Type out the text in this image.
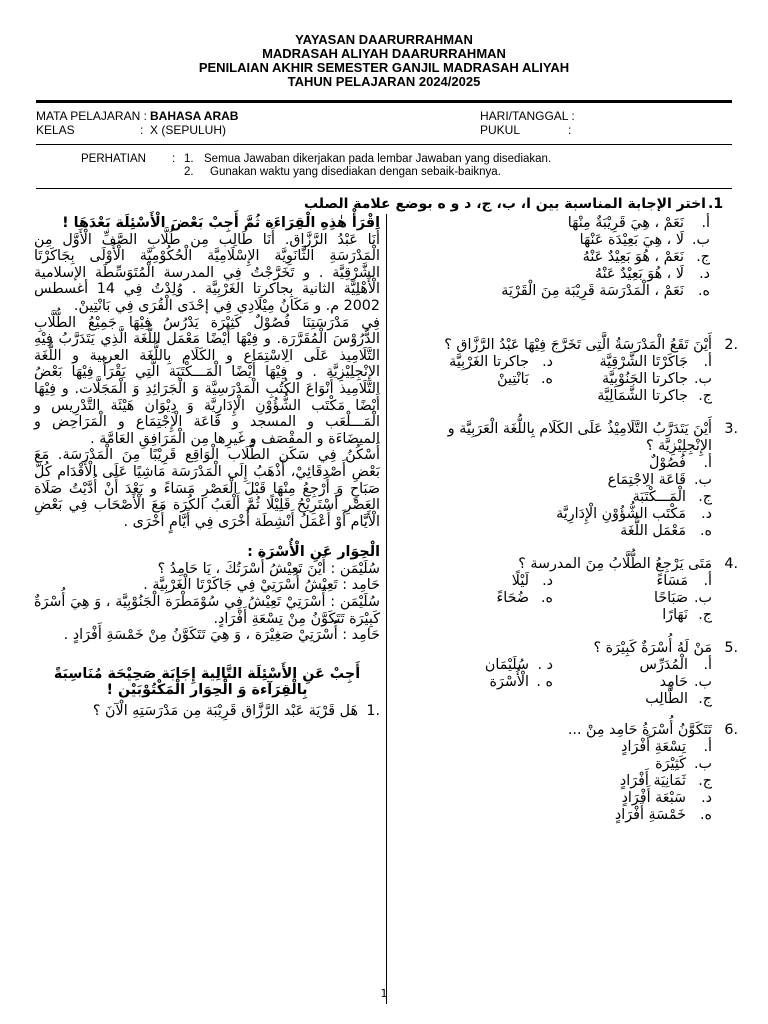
YAYASAN DAARURRAHMAN
MADRASAH ALIYAH DAARURRAHMAN
PENILAIAN AKHIR SEMESTER GANJIL MADRASAH ALIYAH
TAHUN PELAJARAN 2024/2025
MATA PELAJARAN : BAHASA ARAB
KELAS	: X (SEPULUH)
HARI/TANGGAL :
PUKUL	:
PERHATIAN : 1. Semua Jawaban dikerjakan pada lembar Jawaban yang disediakan.
2. Gunakan waktu yang disediakan dengan sebaik-baiknya.
.1
اختر الإجابة المناسبة بين ا، ب، ج، د و ه بوضع علامة الصلب

اِقْرَأْ هٰذِهِ الْقِرَاءَة ثُمَّ أَجِبْ بَعْضَ الْأَسْئِلَة بَعْدَهَا !

أَنَا عَبْدُ الرَّزَّاق. أَنَا طَالِب مِن طُلَّابِ الصَّفِّ الْأَوَّل مِن الْمَدْرَسَةِ الثَّانَوِيَّة الإِسْلَامِيَّة الْحُكُوْمِيَّة الْأُوْلَى بِجَاكَرْتَا الشَّرْقِيَّة . و تَخَرَّجْتُ فِي المدرسة الْمُتَوَسِّطَة الإسلامية الْأَهْلِيَّة الثانية بِجاكرتا الغَرْبِيَّة . وُلِدْتُ فِي 14 أغسطس 2002 م. و مَكَانُ مِيْلَادِي فِي إحْدَى الْقُرَى فِي بَانْتِينْ.

فِي مَدْرَسَتِنَا فُصُوْلٌ كَثِيْرَة يَدْرُسُ فِيْهَا جَمِيْعُ الطُّلَّابِ الدُّرُوْسَ الْمُقَرَّرَة. و فِيْهَا أَيْضًا مَعْمَل اللُّغَة الَّذِي يَتَدَرَّبُ فِيْهِ التَّلَامِيذ عَلَى الِاسْتِمَاع و الكَلَام بِاللُّغَة العربية و اللُّغَة الإنْجِلِيْزِيَّة . و فِيْهَا أَيْضًا الْمَـــكْتَبَة الَّتِي يَقْرَأُ فِيْهَا بَعْضُ التَّلَامِيذ أَنْوَاعَ الكُتُبِ الْمَدْرَسِيَّة وَ الْجَرَائِدِ وَ الْمَجَلَّات. و فِيْهَا أَيْضًا مَكْتَب الشُّؤُوْنِ الْإِدَارِيَّة وَ دِيْوَان هَيْئَة التَّدْرِيس و الْمَـــلْعَب و المسجد و قَاعَة الْإِجْتِمَاع و الْمَرَاحِض و الميضَاءَة و المقْصَف و غَيرِها مِن الْمَرَافِقِ العَامَّة .

أَسْكُنُ فِي سَكَن الطُّلَاب الْوَاقِع قَرِيْبًا مِنَ الْمَدْرَسَة. مَعَ بَعْضِ أَصْدِقَائِيْ، أَذْهَبُ إِلَى الْمَدْرَسَة مَاشِيًا عَلَى الْأَقْدَام كُلَّ صَبَاحٍ وَ أَرْجِعُ مِنْهَا قَبْلَ الْعَصْرِ مَسَاءً و بَعْدَ أَنْ أُدَّيْتُ صَلَاة العَصْرِ أَسْتَرِيْحُ قَلِيْلًا ثُمَّ أَلْعَبُ الكُرَة مَعَ الْأَصْحَاب فِي بَعْضِ الْأَيَّام أَوْ أَعْمَلُ أَنْشِطَة أُخْرَى فِي أَيَّامٍ أُخْرَى .

الْحِوَار عَنِ الْأُسْرَة :

سُلَيْمَن : أَيْنَ تَعِيْشُ أُسْرَتُكَ ، يَا حَامِدُ ؟

حَامِد : تَعِيْشُ أُسْرَتِيْ فِي جَاكَرْتَا الْغَرْبِيَّة .

سُلَيْمَن : أُسْرَتِيْ تَعِيْشُ فِي سُوْمَطْرَة الْجَنُوْبِيَّة ، وَ هِيَ أُسْرَةٌ كَبِيْرَة تَتَكَوَّنُ مِنْ تِسْعَةِ أَفْرَادٍ.

حَامِد : أُسْرَتِيْ صَغِيْرَة ، وَ هِيَ تَتَكَوَّنُ مِنْ خَمْسَةِ أَفْرَادٍ .

أَجِبْ عَنِ الأَسْئِلَة التَّالِية إِجَابَة صَحِيْحَة مُنَاسِبَةً بِالْقِرَآءة وَ الْحِوَار الْمَكْتُوْبَيْن !

1.
هَل قَرْيَة عَبْد الرَّزَّاق قَرِيْبَة مِن مَدْرَسَتِهِ الْآنَ ؟
أ.
نَعَمْ ، هِيَ قَرِيْبَةٌ مِنْهَا
ب.
لَا ، هِيَ بَعِيْدَة عَنْهَا
ج.
نَعَمْ ، هُوَ بَعِيْدٌ عَنْهُ
د.
لَا ، هُوَ بَعِيْدٌ عَنْهُ
ه.
نَعَمْ ، الْمَدْرَسَة قَرِيْبَة مِنَ الْقَرْيَة
2.
أَيْنَ تَقَعُ الْمَدْرَسَةُ الَّتِى تَخَرَّجَ فِيْهَا عَبْدُ الرَّزَّاق ؟
أ.
جَاكَرْتَا الشَّرْقِيَّة
د.
جاكرتا الغَرْبِيَّة
ب.
جاكرتا الجَنُوْبِيَّة
ه.
بَانْتِينْ
ج.
جاكرتا الشَّمَالِيَّة
3.
أَيْنَ يَتَدَرَّبُ التَّلَامِيْذُ عَلَى الكَلَام بِاللُّغَة الْعَرَبِيَّة و الإِنْجِلِيْزِيَّة ؟
أ.
فُصُوْلٌ
ب.
قَاعَة الِاجْتِمَاع
ج.
الْمَـــكْتَبَة
د.
مَكْتَب الشُّؤُوْنِ الْإِدَارِيَّة
ه.
مَعْمَل اللُّغَة
4.
مَتَى يَرْجِعُ الطُّلَّابُ مِنَ المدرسة ؟
أ.
مَسَاءً
د.
لَيْلًا
ب.
صَبَاحًا
ه.
ضُحَاءً
ج.
نَهَارًا
5.
مَنْ لَهُ أُسْرَةٌ كَبِيْرَة ؟
أ.
الْمُدَرِّس
د .
سُلَيْمَان
ب.
حَامِد
ه .
الْأُسْرَة
ج.
الطَّالِب
6.
تَتَكَوَّنُ أُسْرَةُ حَامِد مِنْ ...
أ.
تِسْعَةِ أَفْرَادٍ
ب.
كَثِيْرَة
ج.
ثَمَانِيَة أَفْرَادٍ
د.
سَبْعَة أَفْرَادٍ
ه.
خَمْسَةِ أَفْرَادٍ
1
